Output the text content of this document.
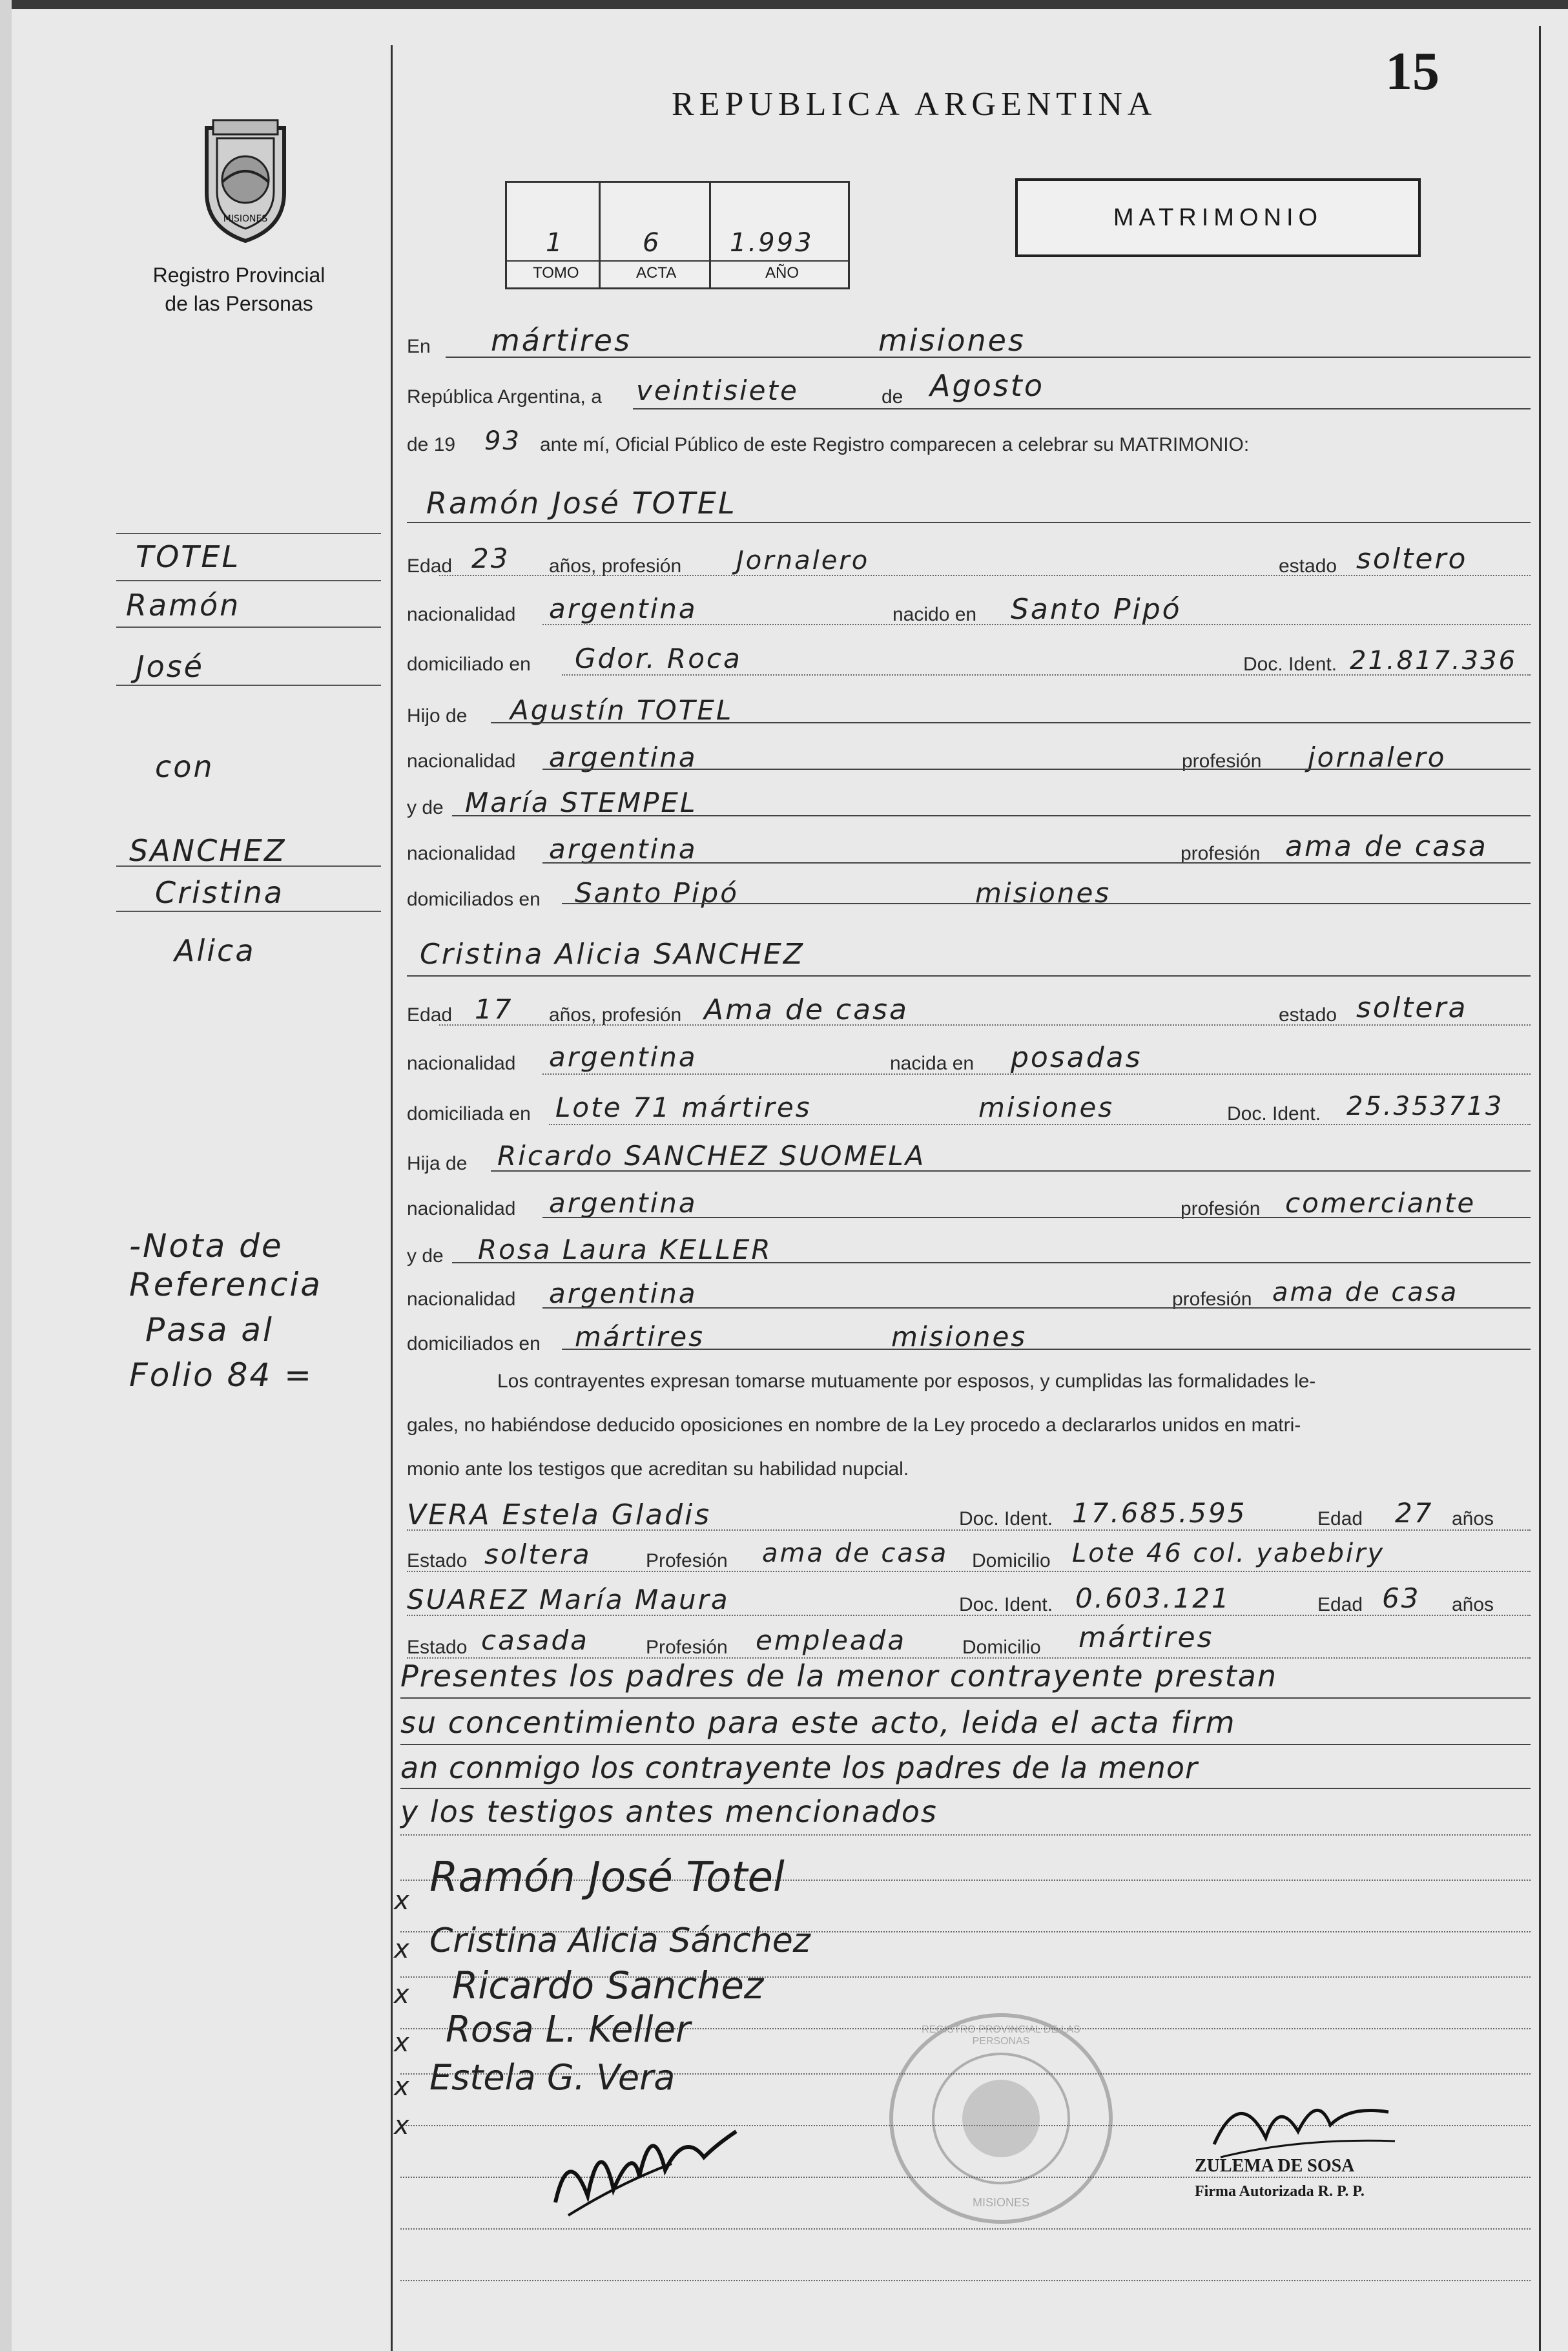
15
REPUBLICA ARGENTINA
MISIONES
Registro Provincial
de las Personas
1	6	1.993
TOMO	ACTA	AÑO
MATRIMONIO
TOTEL
Ramón
José
con
SANCHEZ
Cristina
Alica
-Nota de
Referencia
Pasa al
Folio 84 =
En mártires	misiones
República Argentina, a veintisiete	de Agosto
de 19 93 ante mí, Oficial Público de este Registro comparecen a celebrar su MATRIMONIO:
Ramón José TOTEL
Edad 23 años, profesión Jornalero	estado soltero
nacionalidad argentina	nacido en Santo Pipó
domiciliado en Gdor. Roca	Doc. Ident. 21.817.336
Hijo de Agustín TOTEL
nacionalidad argentina	profesión jornalero
y de María STEMPEL
nacionalidad argentina	profesión ama de casa
domiciliados en Santo Pipó	misiones
Cristina Alicia SANCHEZ
Edad 17 años, profesión Ama de casa	estado soltera
nacionalidad argentina	nacida en posadas
domiciliada en Lote 71 mártires	misiones	Doc. Ident. 25.353713
Hija de Ricardo SANCHEZ SUOMELA
nacionalidad argentina	profesión comerciante
y de Rosa Laura KELLER
nacionalidad argentina	profesión ama de casa
domiciliados en mártires	misiones
Los contrayentes expresan tomarse mutuamente por esposos, y cumplidas las formalidades le-
gales, no habiéndose deducido oposiciones en nombre de la Ley procedo a declararlos unidos en matri-
monio ante los testigos que acreditan su habilidad nupcial.
VERA Estela Gladis	Doc. Ident. 17.685.595	Edad 27 años
Estado soltera	Profesión ama de casa Domicilio Lote 46 col. yabebiry
SUAREZ María Maura	Doc. Ident. 0.603.121	Edad 63 años
Estado casada	Profesión empleada	Domicilio mártires
Presentes los padres de la menor contrayente prestan
su concentimiento para este acto, leida el acta firm
an conmigo los contrayente los padres de la menor
y los testigos antes mencionados
x Ramón José Totel
x Cristina Alicia Sánchez
x Ricardo Sanchez
x Rosa L. Keller
x Estela G. Vera
x
REGISTRO PROVINCIAL DE LAS PERSONAS
MISIONES
ZULEMA DE SOSA
Firma Autorizada R. P. P.
